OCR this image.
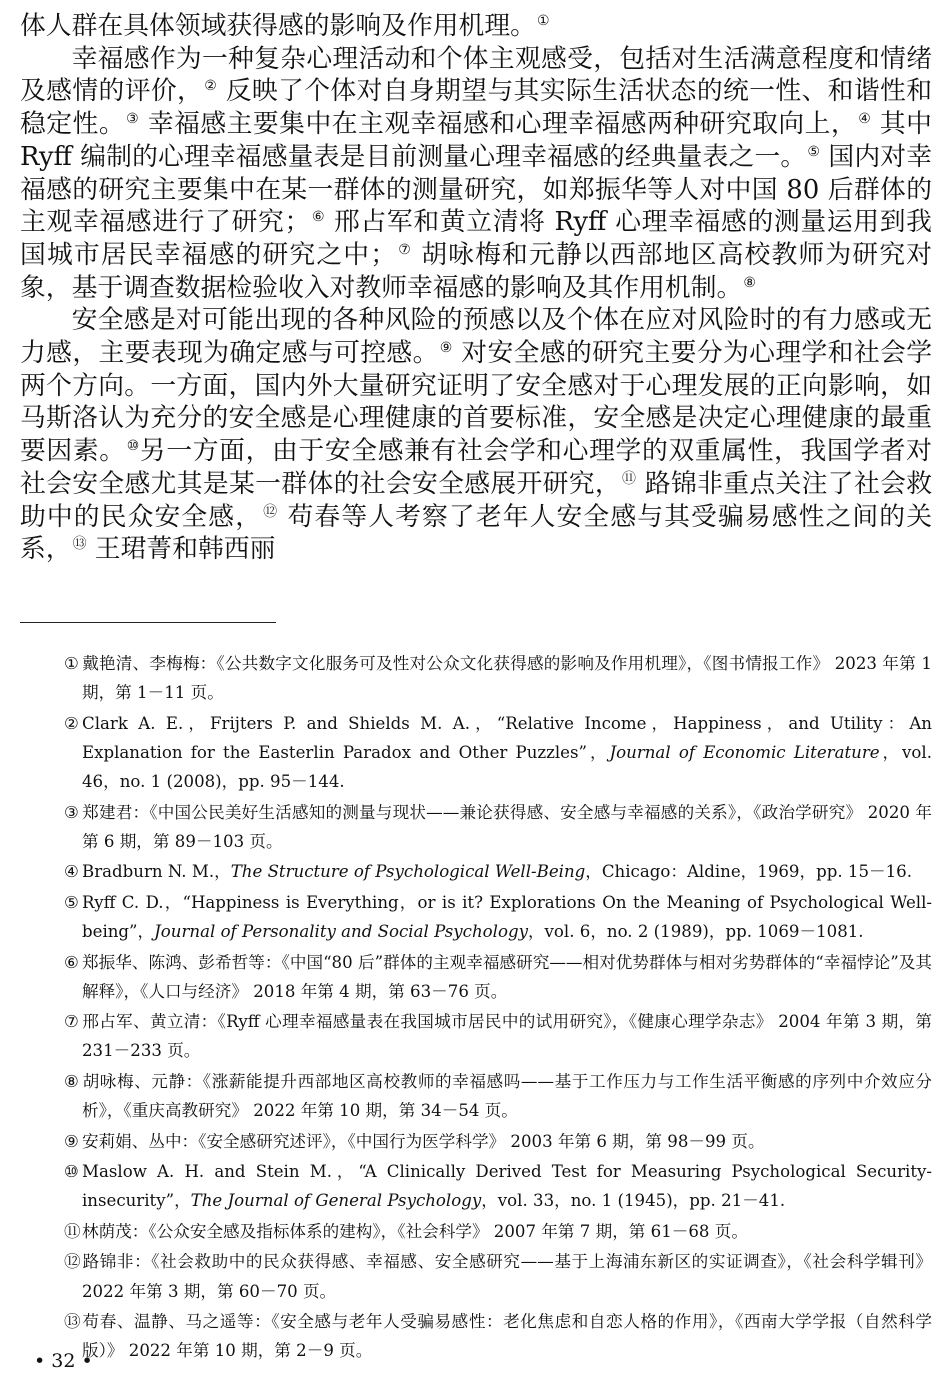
体人群在具体领域获得感的影响及作用机理。①

幸福感作为一种复杂心理活动和个体主观感受，包括对生活满意程度和情绪及感情的评价，② 反映了个体对自身期望与其实际生活状态的统一性、和谐性和稳定性。③ 幸福感主要集中在主观幸福感和心理幸福感两种研究取向上，④ 其中 Ryff 编制的心理幸福感量表是目前测量心理幸福感的经典量表之一。⑤ 国内对幸福感的研究主要集中在某一群体的测量研究，如郑振华等人对中国 80 后群体的主观幸福感进行了研究；⑥ 邢占军和黄立清将 Ryff 心理幸福感的测量运用到我国城市居民幸福感的研究之中；⑦ 胡咏梅和元静以西部地区高校教师为研究对象，基于调查数据检验收入对教师幸福感的影响及其作用机制。⑧

安全感是对可能出现的各种风险的预感以及个体在应对风险时的有力感或无力感，主要表现为确定感与可控感。⑨ 对安全感的研究主要分为心理学和社会学两个方向。一方面，国内外大量研究证明了安全感对于心理发展的正向影响，如马斯洛认为充分的安全感是心理健康的首要标准，安全感是决定心理健康的最重要因素。⑩另一方面，由于安全感兼有社会学和心理学的双重属性，我国学者对社会安全感尤其是某一群体的社会安全感展开研究，⑪ 路锦非重点关注了社会救助中的民众安全感，⑫ 苟春等人考察了老年人安全感与其受骗易感性之间的关系，⑬ 王珺菁和韩西丽

① 戴艳清、李梅梅：《公共数字文化服务可及性对公众文化获得感的影响及作用机理》，《图书情报工作》 2023 年第 1 期，第 1－11 页。

② Clark A. E.，Frijters P. and Shields M. A.，“Relative Income，Happiness，and Utility：An Explanation for the Easterlin Paradox and Other Puzzles”，Journal of Economic Literature，vol. 46，no. 1 (2008)，pp. 95－144.

③ 郑建君：《中国公民美好生活感知的测量与现状——兼论获得感、安全感与幸福感的关系》，《政治学研究》 2020 年第 6 期，第 89－103 页。

④ Bradburn N. M.，The Structure of Psychological Well-Being，Chicago：Aldine，1969，pp. 15－16.

⑤ Ryff C. D.，“Happiness is Everything，or is it? Explorations On the Meaning of Psychological Well-being”，Journal of Personality and Social Psychology，vol. 6，no. 2 (1989)，pp. 1069－1081.

⑥ 郑振华、陈鸿、彭希哲等：《中国“80 后”群体的主观幸福感研究——相对优势群体与相对劣势群体的“幸福悖论”及其解释》，《人口与经济》 2018 年第 4 期，第 63－76 页。

⑦ 邢占军、黄立清：《Ryff 心理幸福感量表在我国城市居民中的试用研究》，《健康心理学杂志》 2004 年第 3 期，第 231－233 页。

⑧ 胡咏梅、元静：《涨薪能提升西部地区高校教师的幸福感吗——基于工作压力与工作生活平衡感的序列中介效应分析》，《重庆高教研究》 2022 年第 10 期，第 34－54 页。

⑨ 安莉娟、丛中：《安全感研究述评》，《中国行为医学科学》 2003 年第 6 期，第 98－99 页。

⑩ Maslow A. H. and Stein M.，“A Clinically Derived Test for Measuring Psychological Security-insecurity”，The Journal of General Psychology，vol. 33，no. 1 (1945)，pp. 21－41.

⑪林荫茂：《公众安全感及指标体系的建构》，《社会科学》 2007 年第 7 期，第 61－68 页。

⑫路锦非：《社会救助中的民众获得感、幸福感、安全感研究——基于上海浦东新区的实证调查》，《社会科学辑刊》 2022 年第 3 期，第 60－70 页。

⑬苟春、温静、马之遥等：《安全感与老年人受骗易感性：老化焦虑和自恋人格的作用》，《西南大学学报（自然科学版）》 2022 年第 10 期，第 2－9 页。

• 32 •
